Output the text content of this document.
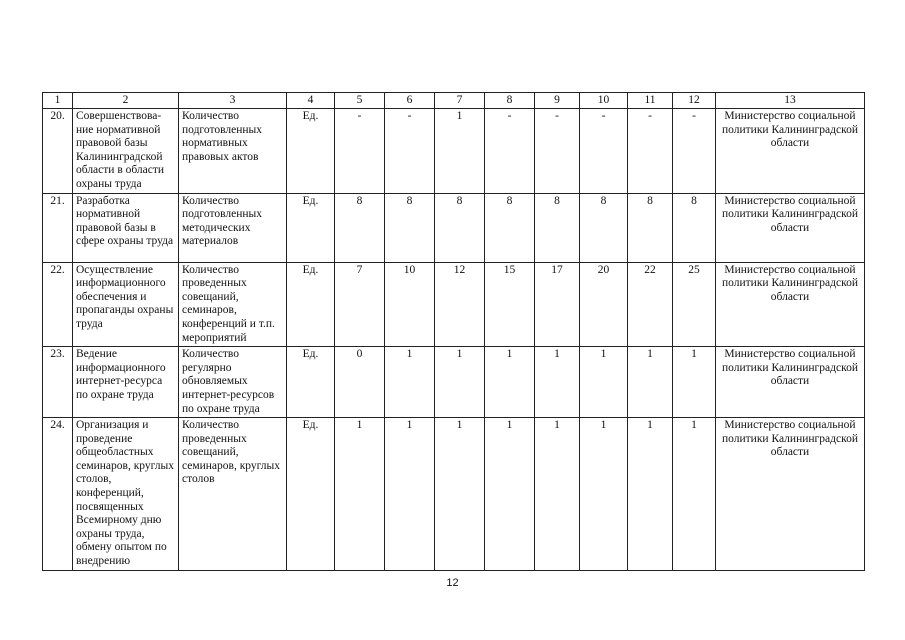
1	2	3	4	5	6	7	8	9	10	11	12	13
20.	Совершенствова-ние нормативной правовой базы Калининградской области в области охраны труда	Количество подготовленных нормативных правовых актов	Ед.	-	-	1	-	-	-	-	-	Министерство социальной политики Калининградской области
21.	Разработка нормативной правовой базы в сфере охраны труда	Количество подготовленных методических материалов	Ед.	8	8	8	8	8	8	8	8	Министерство социальной политики Калининградской области
22.	Осуществление информационного обеспечения и пропаганды охраны труда	Количество проведенных совещаний, семинаров, конференций и т.п. мероприятий	Ед.	7	10	12	15	17	20	22	25	Министерство социальной политики Калининградской области
23.	Ведение информационного интернет-ресурса по охране труда	Количество регулярно обновляемых интернет-ресурсов по охране труда	Ед.	0	1	1	1	1	1	1	1	Министерство социальной политики Калининградской области
24.	Организация и проведение общеобластных семинаров, круглых столов, конференций, посвященных Всемирному дню охраны труда, обмену опытом по внедрению	Количество проведенных совещаний, семинаров, круглых столов	Ед.	1	1	1	1	1	1	1	1	Министерство социальной политики Калининградской области
12
